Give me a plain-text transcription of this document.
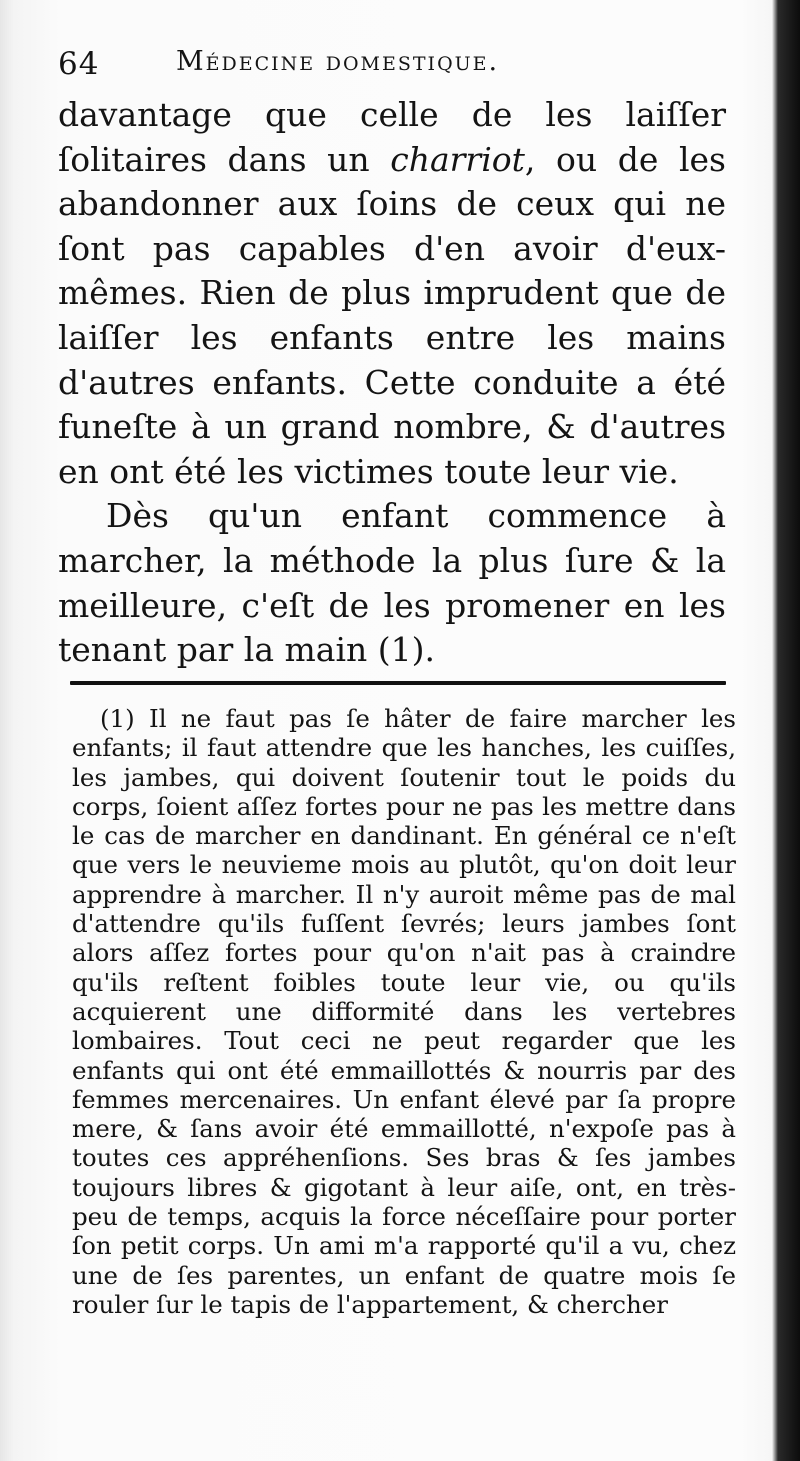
64	Médecine domestique.

davantage que celle de les laiſſer ſolitaires dans un charriot, ou de les abandonner aux ſoins de ceux qui ne ſont pas capables d'en avoir d'eux-mêmes. Rien de plus imprudent que de laiſſer les enfants entre les mains d'autres enfants. Cette conduite a été funeſte à un grand nombre, & d'autres en ont été les victimes toute leur vie.

Dès qu'un enfant commence à marcher, la méthode la plus ſure & la meilleure, c'eſt de les promener en les tenant par la main (1).

(1) Il ne faut pas ſe hâter de faire marcher les enfants; il faut attendre que les hanches, les cuiſſes, les jambes, qui doivent ſoutenir tout le poids du corps, ſoient aſſez fortes pour ne pas les mettre dans le cas de marcher en dandinant. En général ce n'eſt que vers le neuvieme mois au plutôt, qu'on doit leur apprendre à marcher. Il n'y auroit même pas de mal d'attendre qu'ils fuſſent ſevrés; leurs jambes ſont alors aſſez fortes pour qu'on n'ait pas à craindre qu'ils reſtent foibles toute leur vie, ou qu'ils acquierent une difformité dans les vertebres lombaires. Tout ceci ne peut regarder que les enfants qui ont été emmaillottés & nourris par des femmes mercenaires. Un enfant élevé par ſa propre mere, & ſans avoir été emmaillotté, n'expoſe pas à toutes ces appréhenſions. Ses bras & ſes jambes toujours libres & gigotant à leur aiſe, ont, en très-peu de temps, acquis la force néceſſaire pour porter ſon petit corps. Un ami m'a rapporté qu'il a vu, chez une de ſes parentes, un enfant de quatre mois ſe rouler ſur le tapis de l'appartement, & chercher
